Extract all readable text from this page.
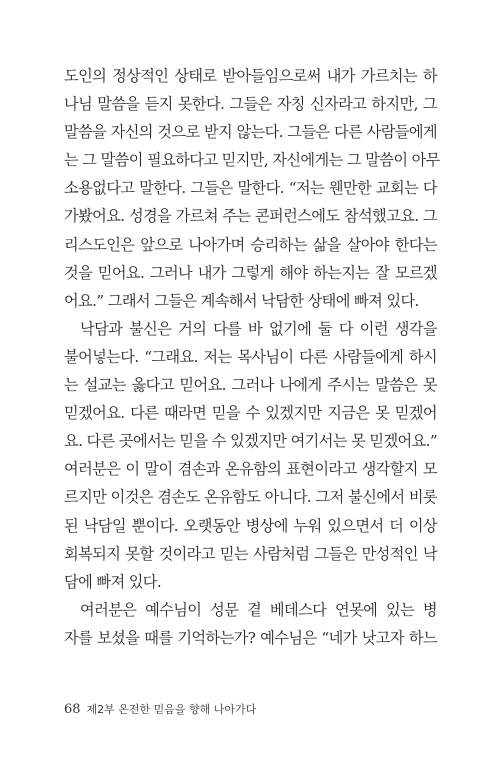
도인의 정상적인 상태로 받아들임으로써 내가 가르치는 하
나님 말씀을 듣지 못한다. 그들은 자칭 신자라고 하지만, 그
말씀을 자신의 것으로 받지 않는다. 그들은 다른 사람들에게
는 그 말씀이 필요하다고 믿지만, 자신에게는 그 말씀이 아무
소용없다고 말한다. 그들은 말한다. “저는 웬만한 교회는 다
가봤어요. 성경을 가르쳐 주는 콘퍼런스에도 참석했고요. 그
리스도인은 앞으로 나아가며 승리하는 삶을 살아야 한다는
것을 믿어요. 그러나 내가 그렇게 해야 하는지는 잘 모르겠
어요.” 그래서 그들은 계속해서 낙담한 상태에 빠져 있다.
낙담과 불신은 거의 다를 바 없기에 둘 다 이런 생각을
불어넣는다. “그래요. 저는 목사님이 다른 사람들에게 하시
는 설교는 옳다고 믿어요. 그러나 나에게 주시는 말씀은 못
믿겠어요. 다른 때라면 믿을 수 있겠지만 지금은 못 믿겠어
요. 다른 곳에서는 믿을 수 있겠지만 여기서는 못 믿겠어요.”
여러분은 이 말이 겸손과 온유함의 표현이라고 생각할지 모
르지만 이것은 겸손도 온유함도 아니다. 그저 불신에서 비롯
된 낙담일 뿐이다. 오랫동안 병상에 누워 있으면서 더 이상
회복되지 못할 것이라고 믿는 사람처럼 그들은 만성적인 낙
담에 빠져 있다.
여러분은 예수님이 성문 곁 베데스다 연못에 있는 병
자를 보셨을 때를 기억하는가? 예수님은 “네가 낫고자 하느
68 제2부 온전한 믿음을 향해 나아가다
